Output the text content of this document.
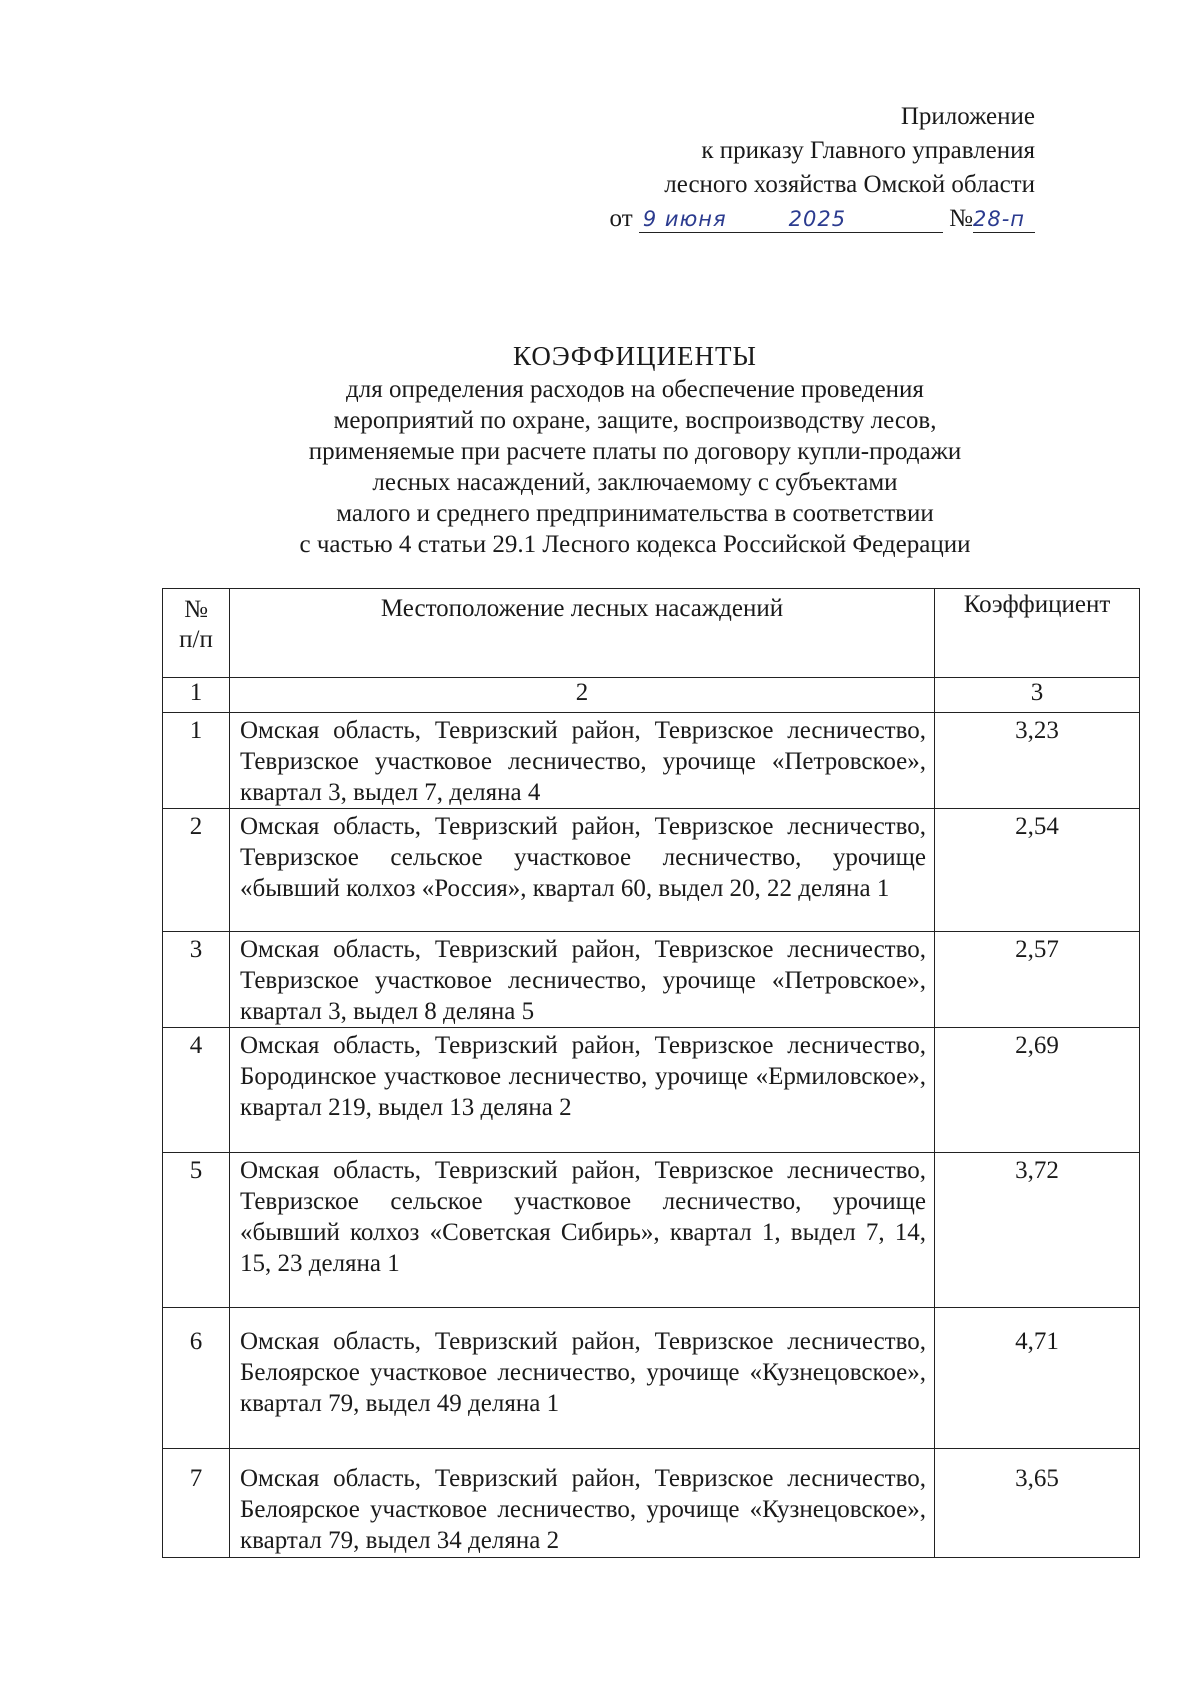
Приложение
к приказу Главного управления
лесного хозяйства Омской области
от 9 июня	2025	№28-п
КОЭФФИЦИЕНТЫ
для определения расходов на обеспечение проведения
мероприятий по охране, защите, воспроизводству лесов,
применяемые при расчете платы по договору купли-продажи
лесных насаждений, заключаемому с субъектами
малого и среднего предпринимательства в соответствии
с частью 4 статьи 29.1 Лесного кодекса Российской Федерации
№
п/п	Местоположение лесных насаждений	Коэффициент
1	2	3
1	Омская область, Тевризский район, Тевризское лесничество, Тевризское участковое лесничество, урочище «Петровское», квартал 3, выдел 7, деляна 4	3,23
2	Омская область, Тевризский район, Тевризское лесничество, Тевризское сельское участковое лесничество, урочище «бывший колхоз «Россия», квартал 60, выдел 20, 22 деляна 1	2,54
3	Омская область, Тевризский район, Тевризское лесничество, Тевризское участковое лесничество, урочище «Петровское», квартал 3, выдел 8 деляна 5	2,57
4	Омская область, Тевризский район, Тевризское лесничество, Бородинское участковое лесничество, урочище «Ермиловское», квартал 219, выдел 13 деляна 2	2,69
5	Омская область, Тевризский район, Тевризское лесничество, Тевризское сельское участковое лесничество, урочище «бывший колхоз «Советская Сибирь», квартал 1, выдел 7, 14, 15, 23 деляна 1	3,72
6	Омская область, Тевризский район, Тевризское лесничество, Белоярское участковое лесничество, урочище «Кузнецовское», квартал 79, выдел 49 деляна 1	4,71
7	Омская область, Тевризский район, Тевризское лесничество, Белоярское участковое лесничество, урочище «Кузнецовское», квартал 79, выдел 34 деляна 2	3,65
